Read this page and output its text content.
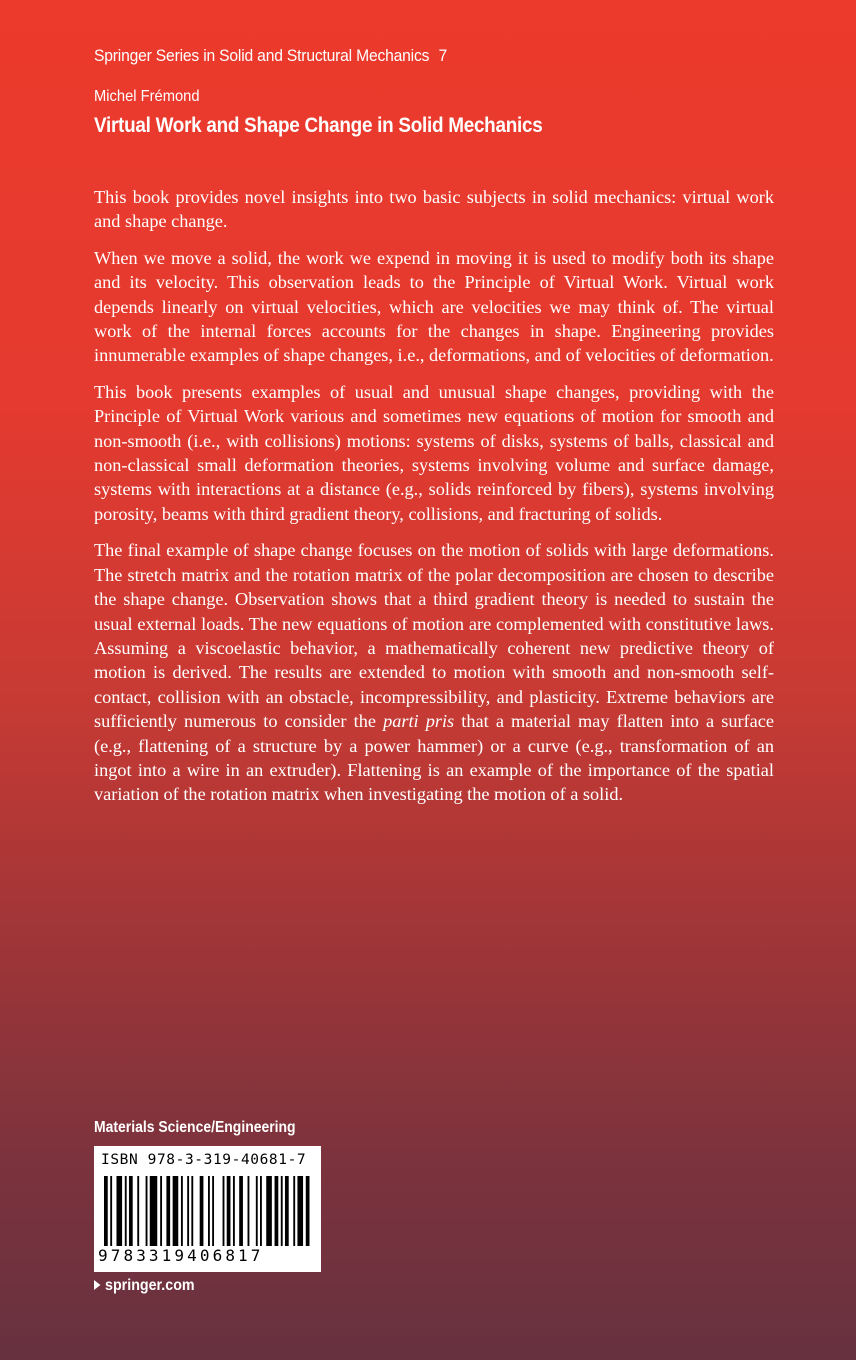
Springer Series in Solid and Structural Mechanics 7
Michel Frémond
Virtual Work and Shape Change in Solid Mechanics

This book provides novel insights into two basic subjects in solid mechanics: virtual work and shape change.

When we move a solid, the work we expend in moving it is used to modify both its shape and its velocity. This observation leads to the Principle of Virtual Work. Virtual work depends linearly on virtual velocities, which are velocities we may think of. The virtual work of the internal forces accounts for the changes in shape. Engineering provides innumerable examples of shape changes, i.e., deformations, and of velocities of deformation.

This book presents examples of usual and unusual shape changes, providing with the Principle of Virtual Work various and sometimes new equations of motion for smooth and non-smooth (i.e., with collisions) motions: systems of disks, systems of balls, classical and non-classical small deformation theories, systems involving volume and surface damage, systems with interactions at a distance (e.g., solids reinforced by fibers), systems involving porosity, beams with third gradient theory, collisions, and fracturing of solids.

The final example of shape change focuses on the motion of solids with large deformations. The stretch matrix and the rotation matrix of the polar decomposition are chosen to describe the shape change. Observation shows that a third gradient theory is needed to sustain the usual external loads. The new equations of motion are complemented with constitutive laws. Assuming a viscoelastic behavior, a mathematically coherent new predictive theory of motion is derived. The results are extended to motion with smooth and non-smooth self-contact, collision with an obstacle, incompressibility, and plasticity. Extreme behaviors are sufficiently numerous to consider the parti pris that a material may flatten into a surface (e.g., flattening of a structure by a power hammer) or a curve (e.g., transformation of an ingot into a wire in an extruder). Flattening is an example of the importance of the spatial variation of the rotation matrix when investigating the motion of a solid.

Materials Science/Engineering
ISBN 978-3-319-40681-7
9783319406817
springer.com
